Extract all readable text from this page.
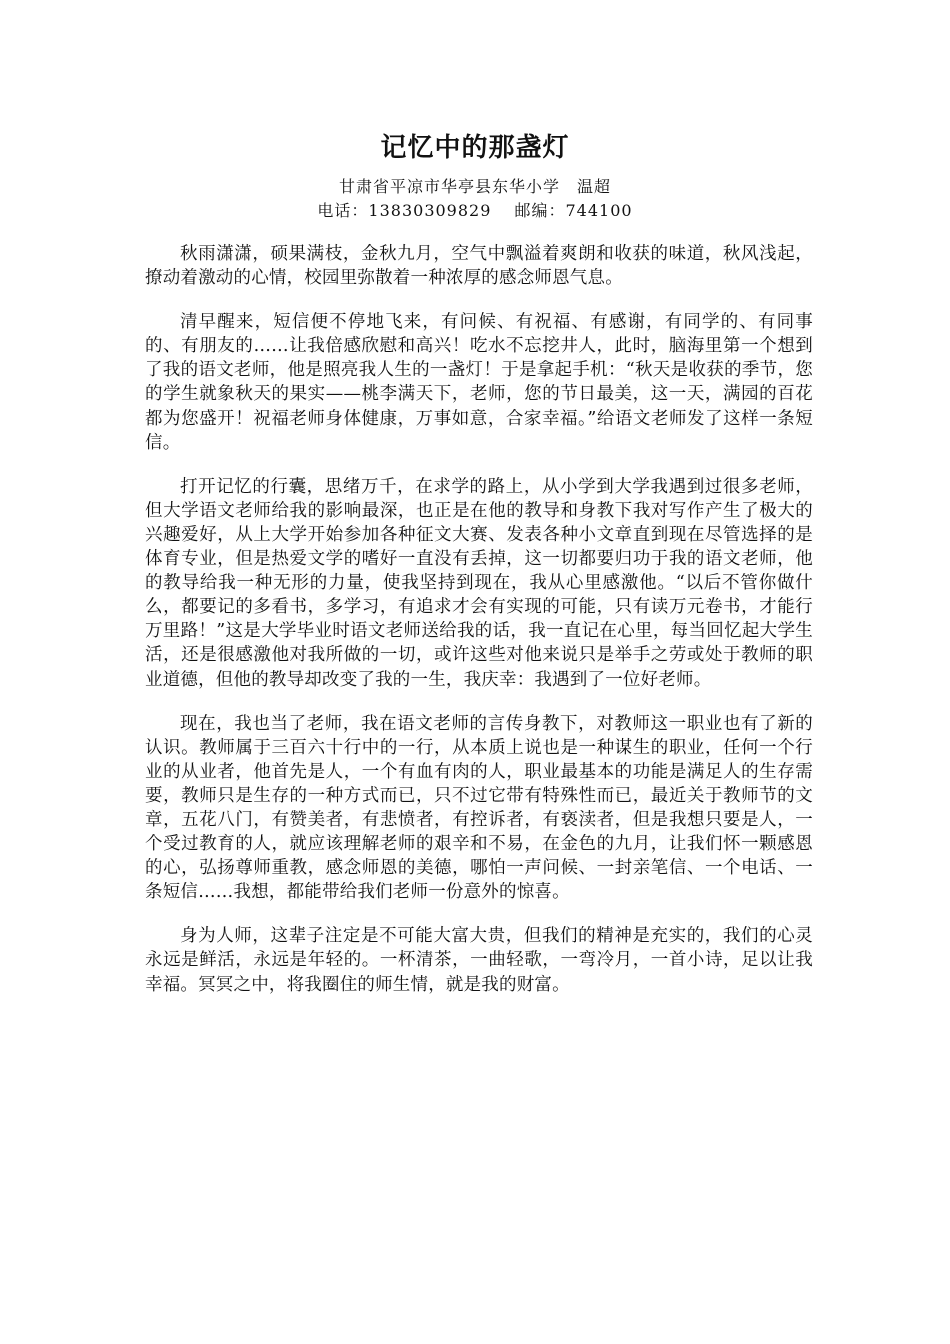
记忆中的那盏灯
甘肃省平凉市华亭县东华小学　温超
电话：13830309829　 邮编：744100

秋雨潇潇，硕果满枝，金秋九月，空气中飘溢着爽朗和收获的味道，秋风浅起，撩动着激动的心情，校园里弥散着一种浓厚的感念师恩气息。

清早醒来，短信便不停地飞来，有问候、有祝福、有感谢，有同学的、有同事的、有朋友的……让我倍感欣慰和高兴！吃水不忘挖井人，此时，脑海里第一个想到了我的语文老师，他是照亮我人生的一盏灯！于是拿起手机：“秋天是收获的季节，您的学生就象秋天的果实——桃李满天下，老师，您的节日最美，这一天，满园的百花都为您盛开！祝福老师身体健康，万事如意，合家幸福。”给语文老师发了这样一条短信。

打开记忆的行囊，思绪万千，在求学的路上，从小学到大学我遇到过很多老师，但大学语文老师给我的影响最深，也正是在他的教导和身教下我对写作产生了极大的兴趣爱好，从上大学开始参加各种征文大赛、发表各种小文章直到现在尽管选择的是体育专业，但是热爱文学的嗜好一直没有丢掉，这一切都要归功于我的语文老师，他的教导给我一种无形的力量，使我坚持到现在，我从心里感激他。“以后不管你做什么，都要记的多看书，多学习，有追求才会有实现的可能，只有读万元卷书，才能行万里路！”这是大学毕业时语文老师送给我的话，我一直记在心里，每当回忆起大学生活，还是很感激他对我所做的一切，或许这些对他来说只是举手之劳或处于教师的职业道德，但他的教导却改变了我的一生，我庆幸：我遇到了一位好老师。

现在，我也当了老师，我在语文老师的言传身教下，对教师这一职业也有了新的认识。教师属于三百六十行中的一行，从本质上说也是一种谋生的职业，任何一个行业的从业者，他首先是人，一个有血有肉的人，职业最基本的功能是满足人的生存需要，教师只是生存的一种方式而已，只不过它带有特殊性而已，最近关于教师节的文章，五花八门，有赞美者，有悲愤者，有控诉者，有亵渎者，但是我想只要是人，一个受过教育的人，就应该理解老师的艰辛和不易，在金色的九月，让我们怀一颗感恩的心，弘扬尊师重教，感念师恩的美德，哪怕一声问候、一封亲笔信、一个电话、一条短信……我想，都能带给我们老师一份意外的惊喜。

身为人师，这辈子注定是不可能大富大贵，但我们的精神是充实的，我们的心灵永远是鲜活，永远是年轻的。一杯清茶，一曲轻歌，一弯冷月，一首小诗，足以让我幸福。冥冥之中，将我圈住的师生情，就是我的财富。
